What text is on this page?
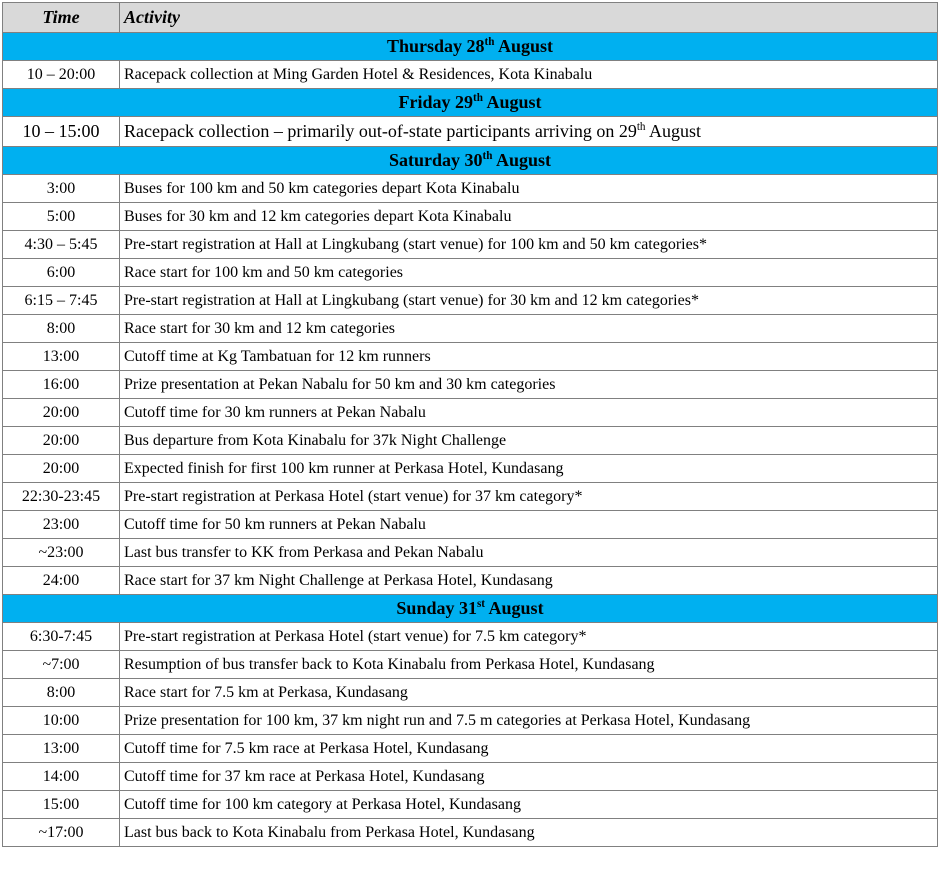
Time	Activity
Thursday 28th August	
10 – 20:00	Racepack collection at Ming Garden Hotel & Residences, Kota Kinabalu
Friday 29th August	
10 – 15:00	Racepack collection – primarily out-of-state participants arriving on 29th August
Saturday 30th August	
3:00	Buses for 100 km and 50 km categories depart Kota Kinabalu
5:00	Buses for 30 km and 12 km categories depart Kota Kinabalu
4:30 – 5:45	Pre-start registration at Hall at Lingkubang (start venue) for 100 km and 50 km categories*
6:00	Race start for 100 km and 50 km categories
6:15 – 7:45	Pre-start registration at Hall at Lingkubang (start venue) for 30 km and 12 km categories*
8:00	Race start for 30 km and 12 km categories
13:00	Cutoff time at Kg Tambatuan for 12 km runners
16:00	Prize presentation at Pekan Nabalu for 50 km and 30 km categories
20:00	Cutoff time for 30 km runners at Pekan Nabalu
20:00	Bus departure from Kota Kinabalu for 37k Night Challenge
20:00	Expected finish for first 100 km runner at Perkasa Hotel, Kundasang
22:30-23:45	Pre-start registration at Perkasa Hotel (start venue) for 37 km category*
23:00	Cutoff time for 50 km runners at Pekan Nabalu
~23:00	Last bus transfer to KK from Perkasa and Pekan Nabalu
24:00	Race start for 37 km Night Challenge at Perkasa Hotel, Kundasang
Sunday 31st August	
6:30-7:45	Pre-start registration at Perkasa Hotel (start venue) for 7.5 km category*
~7:00	Resumption of bus transfer back to Kota Kinabalu from Perkasa Hotel, Kundasang
8:00	Race start for 7.5 km at Perkasa, Kundasang
10:00	Prize presentation for 100 km, 37 km night run and 7.5 m categories at Perkasa Hotel, Kundasang
13:00	Cutoff time for 7.5 km race at Perkasa Hotel, Kundasang
14:00	Cutoff time for 37 km race at Perkasa Hotel, Kundasang
15:00	Cutoff time for 100 km category at Perkasa Hotel, Kundasang
~17:00	Last bus back to Kota Kinabalu from Perkasa Hotel, Kundasang
